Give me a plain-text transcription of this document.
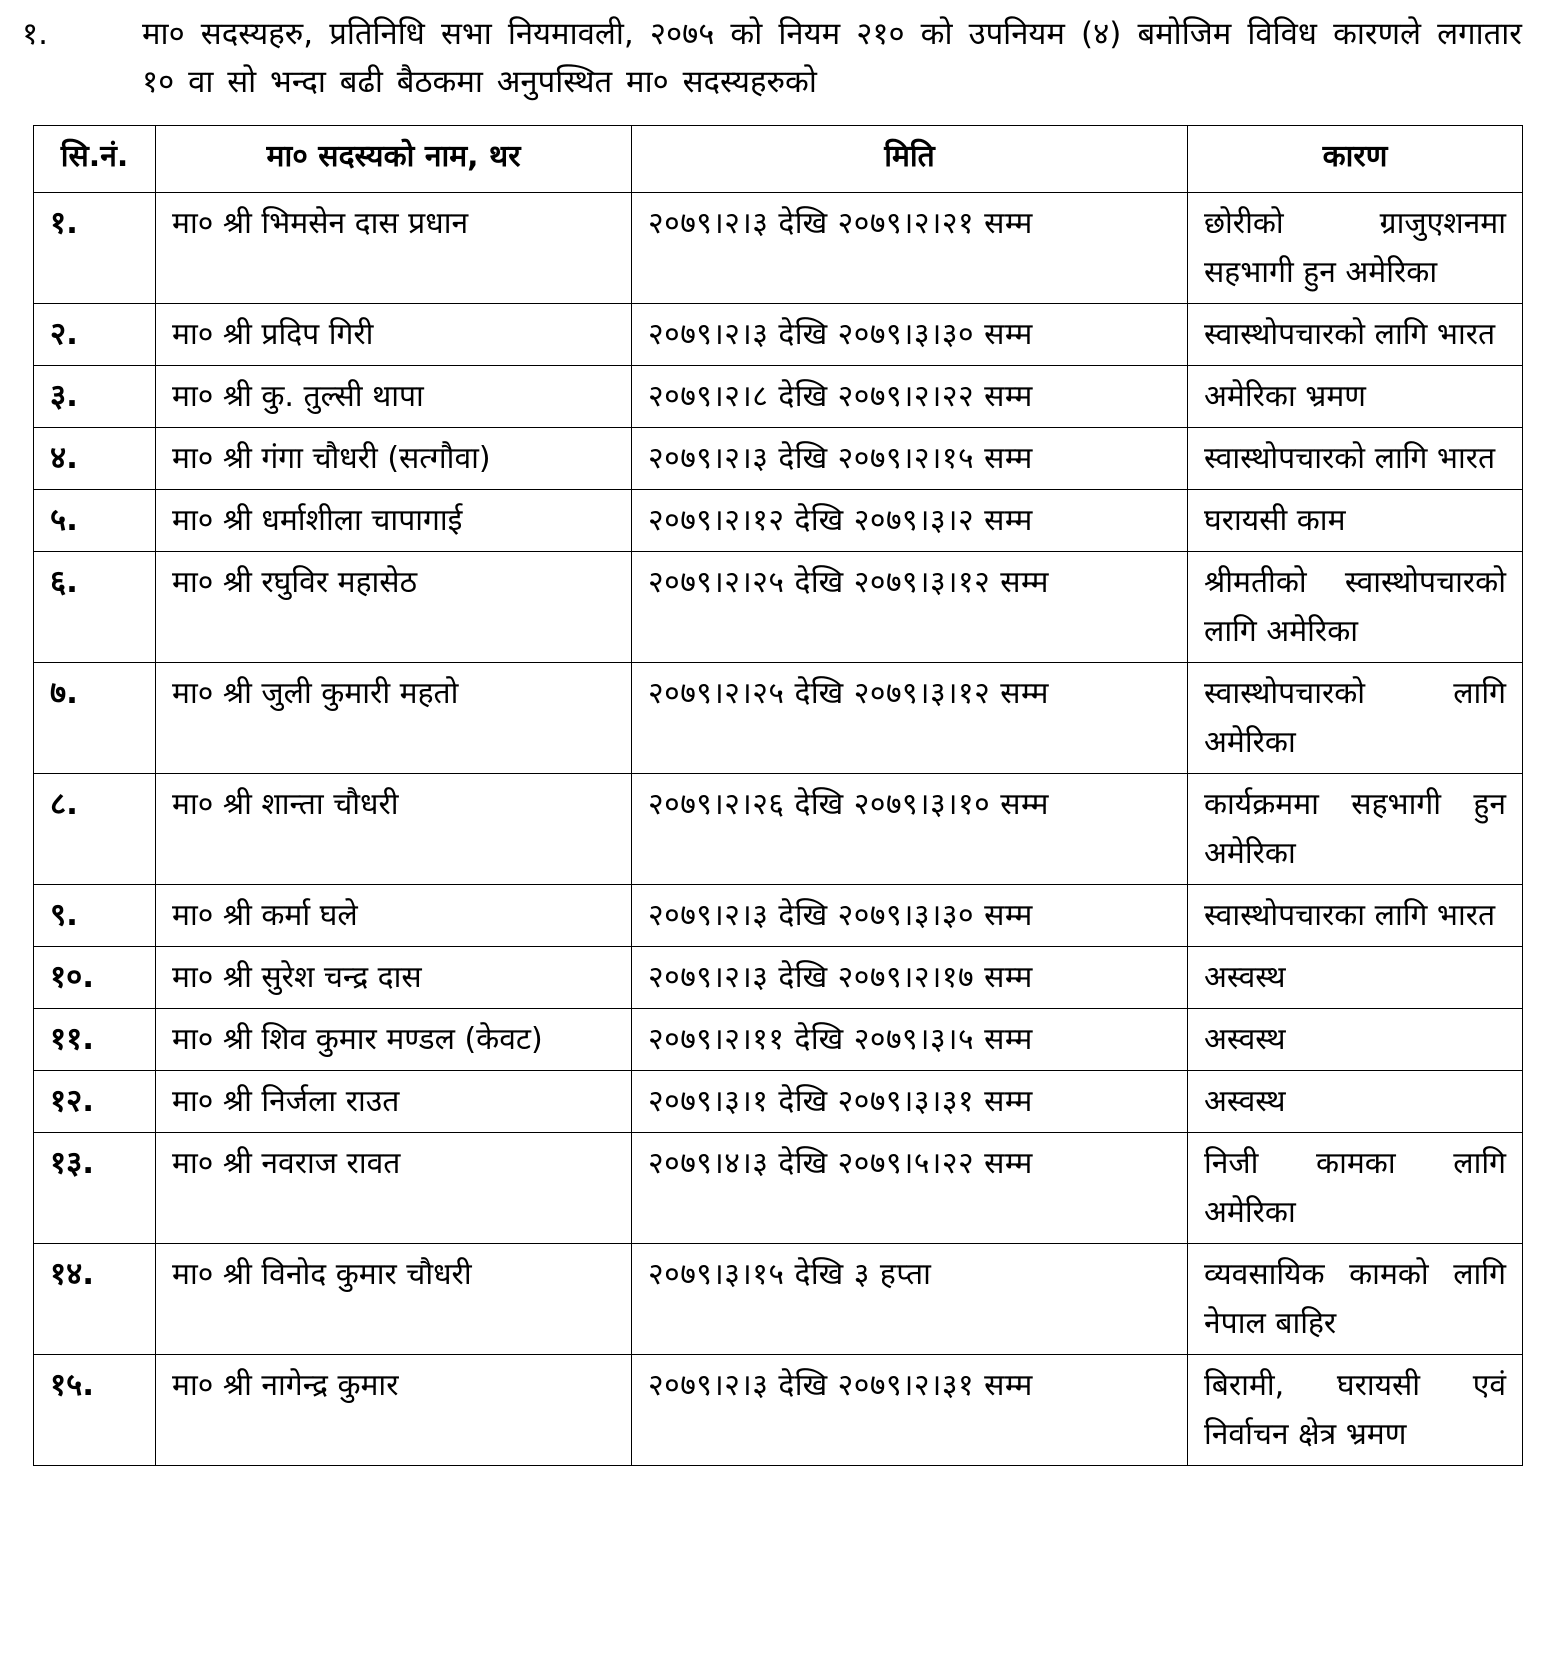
१.	मा० सदस्यहरु, प्रतिनिधि सभा नियमावली, २०७५ को नियम २१० को उपनियम (४) बमोजिम विविध कारणले लगातार १० वा सो भन्दा बढी बैठकमा अनुपस्थित मा० सदस्यहरुको
सि.नं.	मा० सदस्यको नाम, थर	मिति	कारण
१.	मा० श्री भिमसेन दास प्रधान	२०७९।२।३ देखि २०७९।२।२१ सम्म	छोरीको ग्राजुएशनमा सहभागी हुन अमेरिका
२.	मा० श्री प्रदिप गिरी	२०७९।२।३ देखि २०७९।३।३० सम्म	स्वास्थोपचारको लागि भारत
३.	मा० श्री कु. तुल्सी थापा	२०७९।२।८ देखि २०७९।२।२२ सम्म	अमेरिका भ्रमण
४.	मा० श्री गंगा चौधरी (सत्गौवा)	२०७९।२।३ देखि २०७९।२।१५ सम्म	स्वास्थोपचारको लागि भारत
५.	मा० श्री धर्माशीला चापागाई	२०७९।२।१२ देखि २०७९।३।२ सम्म	घरायसी काम
६.	मा० श्री रघुविर महासेठ	२०७९।२।२५ देखि २०७९।३।१२ सम्म	श्रीमतीको स्वास्थोपचारको लागि अमेरिका
७.	मा० श्री जुली कुमारी महतो	२०७९।२।२५ देखि २०७९।३।१२ सम्म	स्वास्थोपचारको लागि अमेरिका
८.	मा० श्री शान्ता चौधरी	२०७९।२।२६ देखि २०७९।३।१० सम्म	कार्यक्रममा सहभागी हुन अमेरिका
९.	मा० श्री कर्मा घले	२०७९।२।३ देखि २०७९।३।३० सम्म	स्वास्थोपचारका लागि भारत
१०.	मा० श्री सुरेश चन्द्र दास	२०७९।२।३ देखि २०७९।२।१७ सम्म	अस्वस्थ
११.	मा० श्री शिव कुमार मण्डल (केवट)	२०७९।२।११ देखि २०७९।३।५ सम्म	अस्वस्थ
१२.	मा० श्री निर्जला राउत	२०७९।३।१ देखि २०७९।३।३१ सम्म	अस्वस्थ
१३.	मा० श्री नवराज रावत	२०७९।४।३ देखि २०७९।५।२२ सम्म	निजी कामका लागि अमेरिका
१४.	मा० श्री विनोद कुमार चौधरी	२०७९।३।१५ देखि ३ हप्ता	व्यवसायिक कामको लागि नेपाल बाहिर
१५.	मा० श्री नागेन्द्र कुमार	२०७९।२।३ देखि २०७९।२।३१ सम्म	बिरामी, घरायसी एवं निर्वाचन क्षेत्र भ्रमण
